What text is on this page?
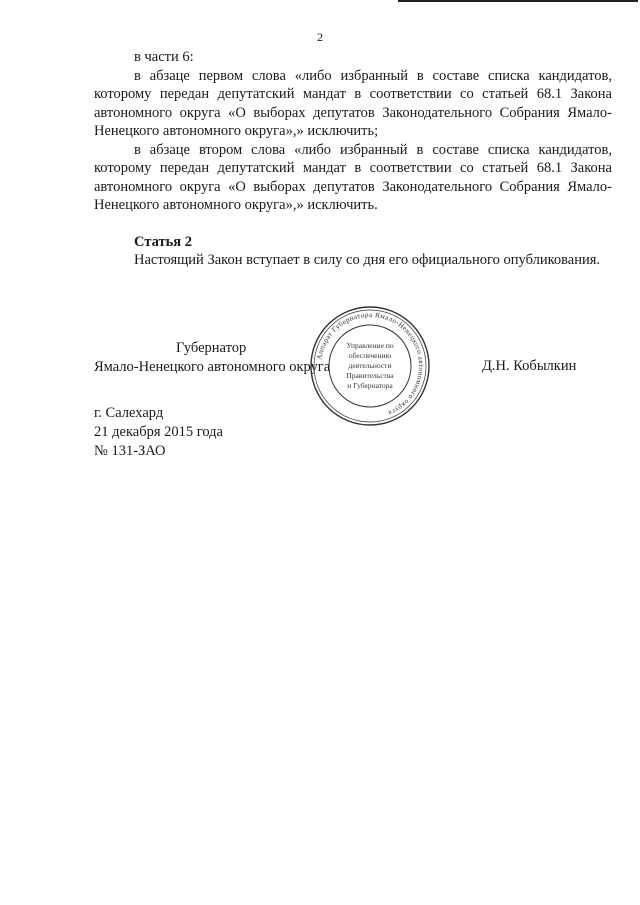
2

в части 6:

в абзаце первом слова «либо избранный в составе списка кандидатов, которому передан депутатский мандат в соответствии со статьей 68.1 Закона автономного округа «О выборах депутатов Законодательного Собрания Ямало-Ненецкого автономного округа»,» исключить;

в абзаце втором слова «либо избранный в составе списка кандидатов, которому передан депутатский мандат в соответствии со статьей 68.1 Закона автономного округа «О выборах депутатов Законодательного Собрания Ямало-Ненецкого автономного округа»,» исключить.

Статья 2

Настоящий Закон вступает в силу со дня его официального опубликования.

Губернатор
Ямало-Ненецкого автономного округа	Д.Н. Кобылкин
Аппарат Губернатора Ямало-Ненецкого автономного округа
Управление по
обеспечению
деятельности
Правительства
и Губернатора
г. Салехард
21 декабря 2015 года
№ 131-ЗАО
